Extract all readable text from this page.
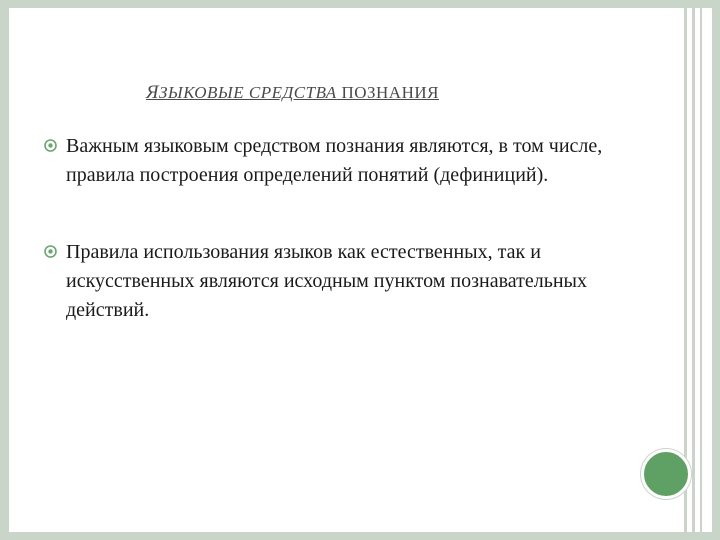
ЯЗЫКОВЫЕ СРЕДСТВА ПОЗНАНИЯ
Важным языковым средством познания являются, в том числе, правила построения определений понятий (дефиниций).
Правила использования языков как естественных, так и искусственных являются исходным пунктом познавательных действий.
